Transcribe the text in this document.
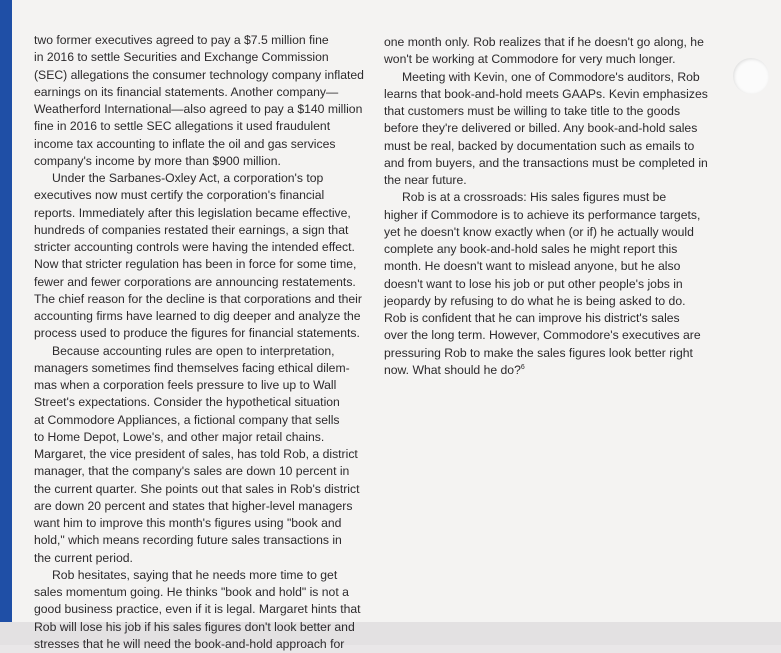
two former executives agreed to pay a $7.5 million fine
in 2016 to settle Securities and Exchange Commission
(SEC) allegations the consumer technology company inflated
earnings on its financial statements. Another company—
Weatherford International—also agreed to pay a $140 million
fine in 2016 to settle SEC allegations it used fraudulent
income tax accounting to inflate the oil and gas services
company's income by more than $900 million.

Under the Sarbanes-Oxley Act, a corporation's top
executives now must certify the corporation's financial
reports. Immediately after this legislation became effective,
hundreds of companies restated their earnings, a sign that
stricter accounting controls were having the intended effect.
Now that stricter regulation has been in force for some time,
fewer and fewer corporations are announcing restatements.
The chief reason for the decline is that corporations and their
accounting firms have learned to dig deeper and analyze the
process used to produce the figures for financial statements.

Because accounting rules are open to interpretation,
managers sometimes find themselves facing ethical dilem-
mas when a corporation feels pressure to live up to Wall
Street's expectations. Consider the hypothetical situation
at Commodore Appliances, a fictional company that sells
to Home Depot, Lowe's, and other major retail chains.
Margaret, the vice president of sales, has told Rob, a district
manager, that the company's sales are down 10 percent in
the current quarter. She points out that sales in Rob's district
are down 20 percent and states that higher-level managers
want him to improve this month's figures using "book and
hold," which means recording future sales transactions in
the current period.

Rob hesitates, saying that he needs more time to get
sales momentum going. He thinks "book and hold" is not a
good business practice, even if it is legal. Margaret hints that
Rob will lose his job if his sales figures don't look better and
stresses that he will need the book-and-hold approach for

one month only. Rob realizes that if he doesn't go along, he
won't be working at Commodore for very much longer.

Meeting with Kevin, one of Commodore's auditors, Rob
learns that book-and-hold meets GAAPs. Kevin emphasizes
that customers must be willing to take title to the goods
before they're delivered or billed. Any book-and-hold sales
must be real, backed by documentation such as emails to
and from buyers, and the transactions must be completed in
the near future.

Rob is at a crossroads: His sales figures must be
higher if Commodore is to achieve its performance targets,
yet he doesn't know exactly when (or if) he actually would
complete any book-and-hold sales he might report this
month. He doesn't want to mislead anyone, but he also
doesn't want to lose his job or put other people's jobs in
jeopardy by refusing to do what he is being asked to do.
Rob is confident that he can improve his district's sales
over the long term. However, Commodore's executives are
pressuring Rob to make the sales figures look better right
now. What should he do?$^6$
